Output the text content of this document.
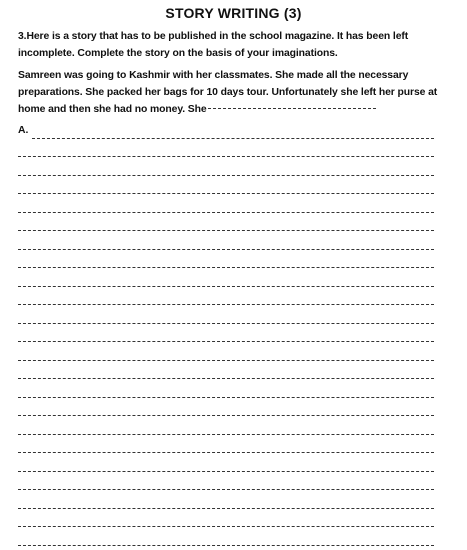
STORY WRITING (3)
3.Here is a story that has to be published in the school magazine. It has been left incomplete. Complete the story on the basis of your imaginations.
Samreen was going to Kashmir with her classmates. She made all the necessary preparations. She packed her bags for 10 days tour. Unfortunately she left her purse at home and then she had no money. She
A.
